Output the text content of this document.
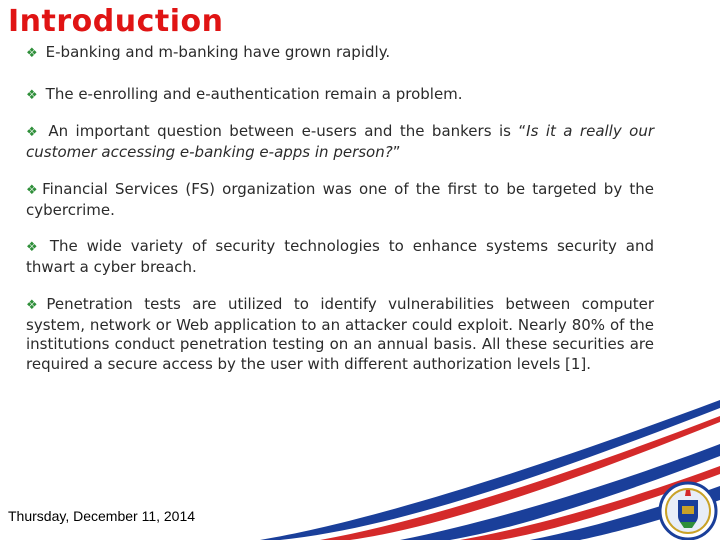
Introduction

❖ E-banking and m-banking have grown rapidly.

❖ The e-enrolling and e-authentication remain a problem.

❖ An important question between e-users and the bankers is “Is it a really our customer accessing e-banking e-apps in person?”

❖ Financial Services (FS) organization was one of the first to be targeted by the cybercrime.

❖ The wide variety of security technologies to enhance systems security and thwart a cyber breach.

❖ Penetration tests are utilized to identify vulnerabilities between computer system, network or Web application to an attacker could exploit. Nearly 80% of the institutions conduct penetration testing on an annual basis. All these securities are required a secure access by the user with different authorization levels [1].

Thursday, December 11, 2014
